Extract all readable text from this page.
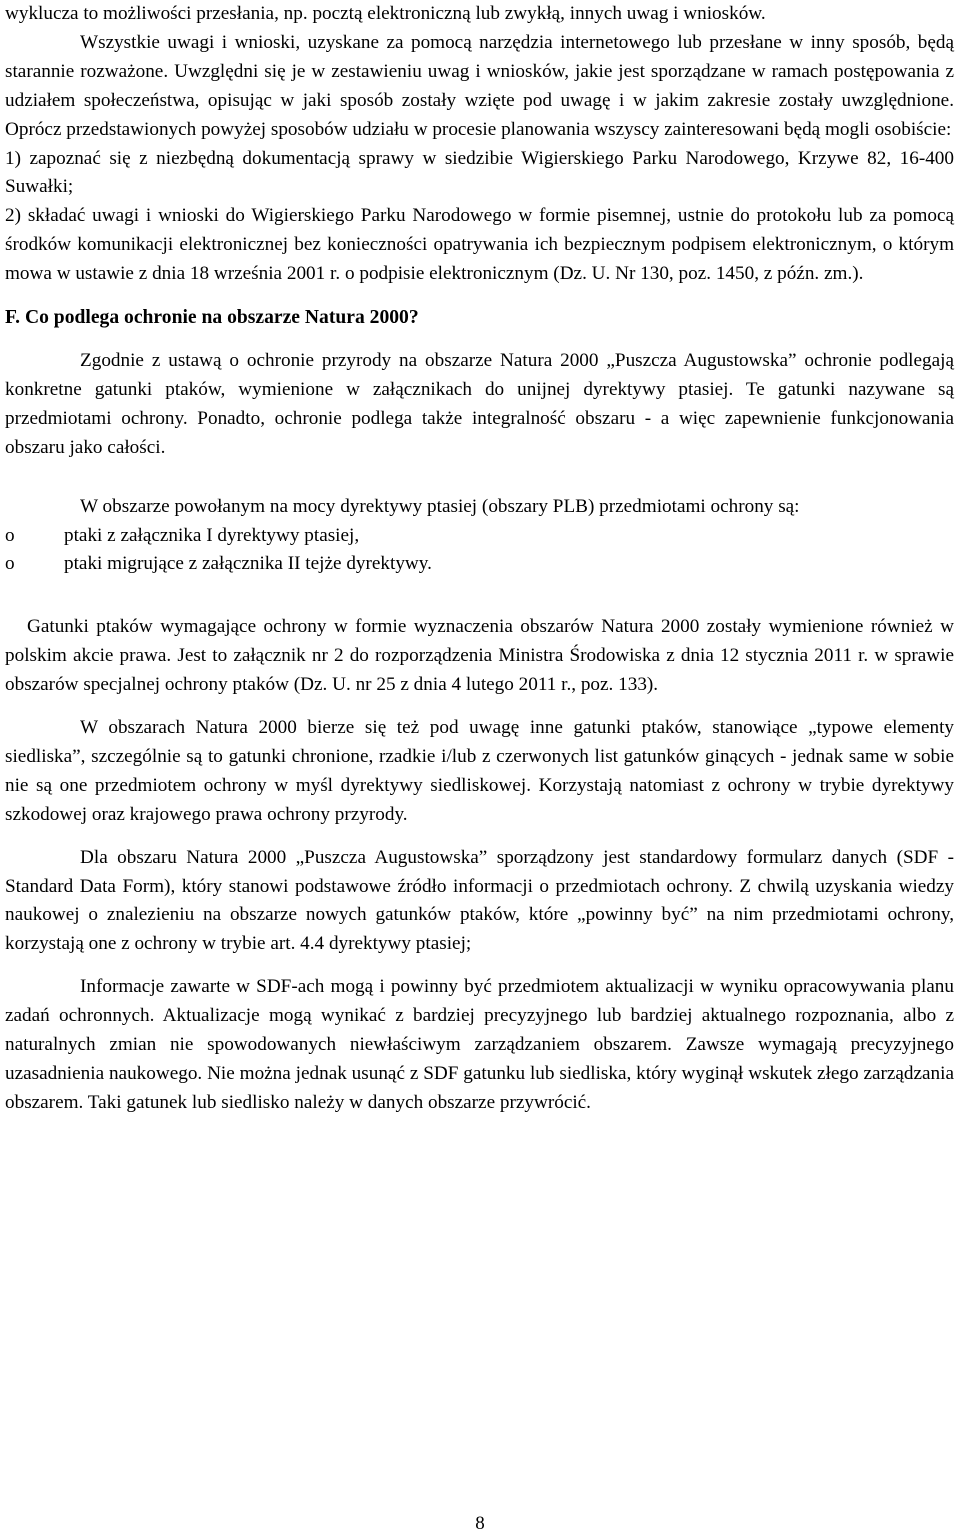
wyklucza to możliwości przesłania, np. pocztą elektroniczną lub zwykłą, innych uwag i wniosków.

Wszystkie uwagi i wnioski, uzyskane za pomocą narzędzia internetowego lub przesłane w inny sposób, będą starannie rozważone. Uwzględni się je w zestawieniu uwag i wniosków, jakie jest sporządzane w ramach postępowania z udziałem społeczeństwa, opisując w jaki sposób zostały wzięte pod uwagę i w jakim zakresie zostały uwzględnione. Oprócz przedstawionych powyżej sposobów udziału w procesie planowania wszyscy zainteresowani będą mogli osobiście:

1) zapoznać się z niezbędną dokumentacją sprawy w siedzibie Wigierskiego Parku Narodowego, Krzywe 82, 16-400 Suwałki;

2) składać uwagi i wnioski do Wigierskiego Parku Narodowego w formie pisemnej, ustnie do protokołu lub za pomocą środków komunikacji elektronicznej bez konieczności opatrywania ich bezpiecznym podpisem elektronicznym, o którym mowa w ustawie z dnia 18 września 2001 r. o podpisie elektronicznym (Dz. U. Nr 130, poz. 1450, z późn. zm.).

F. Co podlega ochronie na obszarze Natura 2000?

Zgodnie z ustawą o ochronie przyrody na obszarze Natura 2000 „Puszcza Augustowska” ochronie podlegają konkretne gatunki ptaków, wymienione w załącznikach do unijnej dyrektywy ptasiej. Te gatunki nazywane są przedmiotami ochrony. Ponadto, ochronie podlega także integralność obszaru - a więc zapewnienie funkcjonowania obszaru jako całości.

W obszarze powołanym na mocy dyrektywy ptasiej (obszary PLB) przedmiotami ochrony są:

o	ptaki z załącznika I dyrektywy ptasiej,
o	ptaki migrujące z załącznika II tejże dyrektywy.

Gatunki ptaków wymagające ochrony w formie wyznaczenia obszarów Natura 2000 zostały wymienione również w polskim akcie prawa. Jest to załącznik nr 2 do rozporządzenia Ministra Środowiska z dnia 12 stycznia 2011 r. w sprawie obszarów specjalnej ochrony ptaków (Dz. U. nr 25 z dnia 4 lutego 2011 r., poz. 133).

W obszarach Natura 2000 bierze się też pod uwagę inne gatunki ptaków, stanowiące „typowe elementy siedliska”, szczególnie są to gatunki chronione, rzadkie i/lub z czerwonych list gatunków ginących - jednak same w sobie nie są one przedmiotem ochrony w myśl dyrektywy siedliskowej. Korzystają natomiast z ochrony w trybie dyrektywy szkodowej oraz krajowego prawa ochrony przyrody.

Dla obszaru Natura 2000 „Puszcza Augustowska” sporządzony jest standardowy formularz danych (SDF - Standard Data Form), który stanowi podstawowe źródło informacji o przedmiotach ochrony. Z chwilą uzyskania wiedzy naukowej o znalezieniu na obszarze nowych gatunków ptaków, które „powinny być” na nim przedmiotami ochrony, korzystają one z ochrony w trybie art. 4.4 dyrektywy ptasiej;

Informacje zawarte w SDF-ach mogą i powinny być przedmiotem aktualizacji w wyniku opracowywania planu zadań ochronnych. Aktualizacje mogą wynikać z bardziej precyzyjnego lub bardziej aktualnego rozpoznania, albo z naturalnych zmian nie spowodowanych niewłaściwym zarządzaniem obszarem. Zawsze wymagają precyzyjnego uzasadnienia naukowego. Nie można jednak usunąć z SDF gatunku lub siedliska, który wyginął wskutek złego zarządzania obszarem. Taki gatunek lub siedlisko należy w danych obszarze przywrócić.

8
